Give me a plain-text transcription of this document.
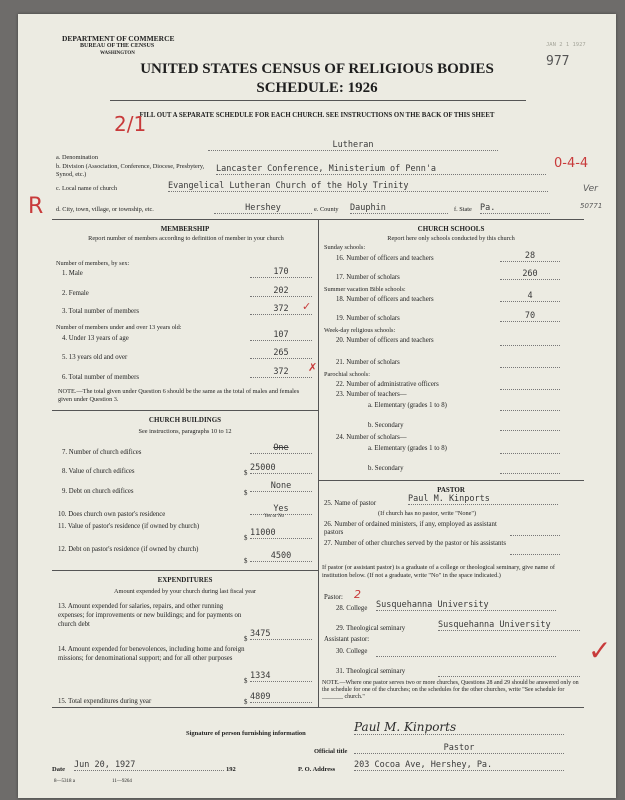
DEPARTMENT OF COMMERCE
BUREAU OF THE CENSUS
WASHINGTON
JAN 2 1 1927
977
UNITED STATES CENSUS OF RELIGIOUS BODIES
SCHEDULE: 1926
FILL OUT A SEPARATE SCHEDULE FOR EACH CHURCH. SEE INSTRUCTIONS ON THE BACK OF THIS SHEET
2/1
R
0-4-4
Ver
50771
a. Denomination
Lutheran
b. Division (Association, Conference, Diocese, Presbytery, Synod, etc.)
Lancaster Conference, Ministerium of Penn'a
c. Local name of church	Evangelical Lutheran Church of the Holy Trinity
d. City, town, village, or township, etc.	Hershey	e. County Dauphin	f. State Pa.
MEMBERSHIP
Report number of members according to definition of member in your church
Number of members, by sex:
1. Male	170
2. Female	202
3. Total number of members	372	✓
Number of members under and over 13 years old:
4. Under 13 years of age	107
5. 13 years old and over	265
6. Total number of members
372	✗
NOTE.—The total given under Question 6 should be the same as the total of males and females given under Question 3.
CHURCH BUILDINGS
See instructions, paragraphs 10 to 12
7. Number of church edifices	One
8. Value of church edifices	25000
9. Debt on church edifices
None
10. Does church own pastor's residence
Yes
Yes or No
11. Value of pastor's residence (if owned by church)
11000
12. Debt on pastor's residence (if owned by church)
4500
EXPENDITURES
Amount expended by your church during last fiscal year
13. Amount expended for salaries, repairs, and other running expenses; for improvements or new buildings; and for payments on church debt
3475
14. Amount expended for benevolences, including home and foreign missions; for denominational support; and for all other purposes
1334
15. Total expenditures during year	4809
CHURCH SCHOOLS
Report here only schools conducted by this church
Sunday schools:
16. Number of officers and teachers	28
17. Number of scholars	260
Summer vacation Bible schools:
18. Number of officers and teachers	4
19. Number of scholars	70
Week-day religious schools:
20. Number of officers and teachers
21. Number of scholars
Parochial schools:
22. Number of administrative officers
23. Number of teachers—
a. Elementary (grades 1 to 8)
b. Secondary
24. Number of scholars—
a. Elementary (grades 1 to 8)
b. Secondary
PASTOR
25. Name of pastor	Paul M. Kinports
(If church has no pastor, write "None")
26. Number of ordained ministers, if any, employed as assistant pastors
27. Number of other churches served by the pastor or his assistants
If pastor (or assistant pastor) is a graduate of a college or theological seminary, give name of institution below. (If not a graduate, write "No" in the space indicated.)
Pastor: 2
28. College Susquehanna University
29. Theological seminary	Susquehanna University
Assistant pastor:
30. College
31. Theological seminary
NOTE.—Where one pastor serves two or more churches, Questions 28 and 29 should be answered only on the schedule for one of the churches; on the schedules for the other churches, write "See schedule for _______ church."
✓
Signature of person furnishing information	Paul M. Kinports
Official title	Pastor
Date Jun 20, 1927	192	P. O. Address 203 Cocoa Ave, Hershey, Pa.
8—5318 a	11—9264
$
$
$
$
$
$
$
